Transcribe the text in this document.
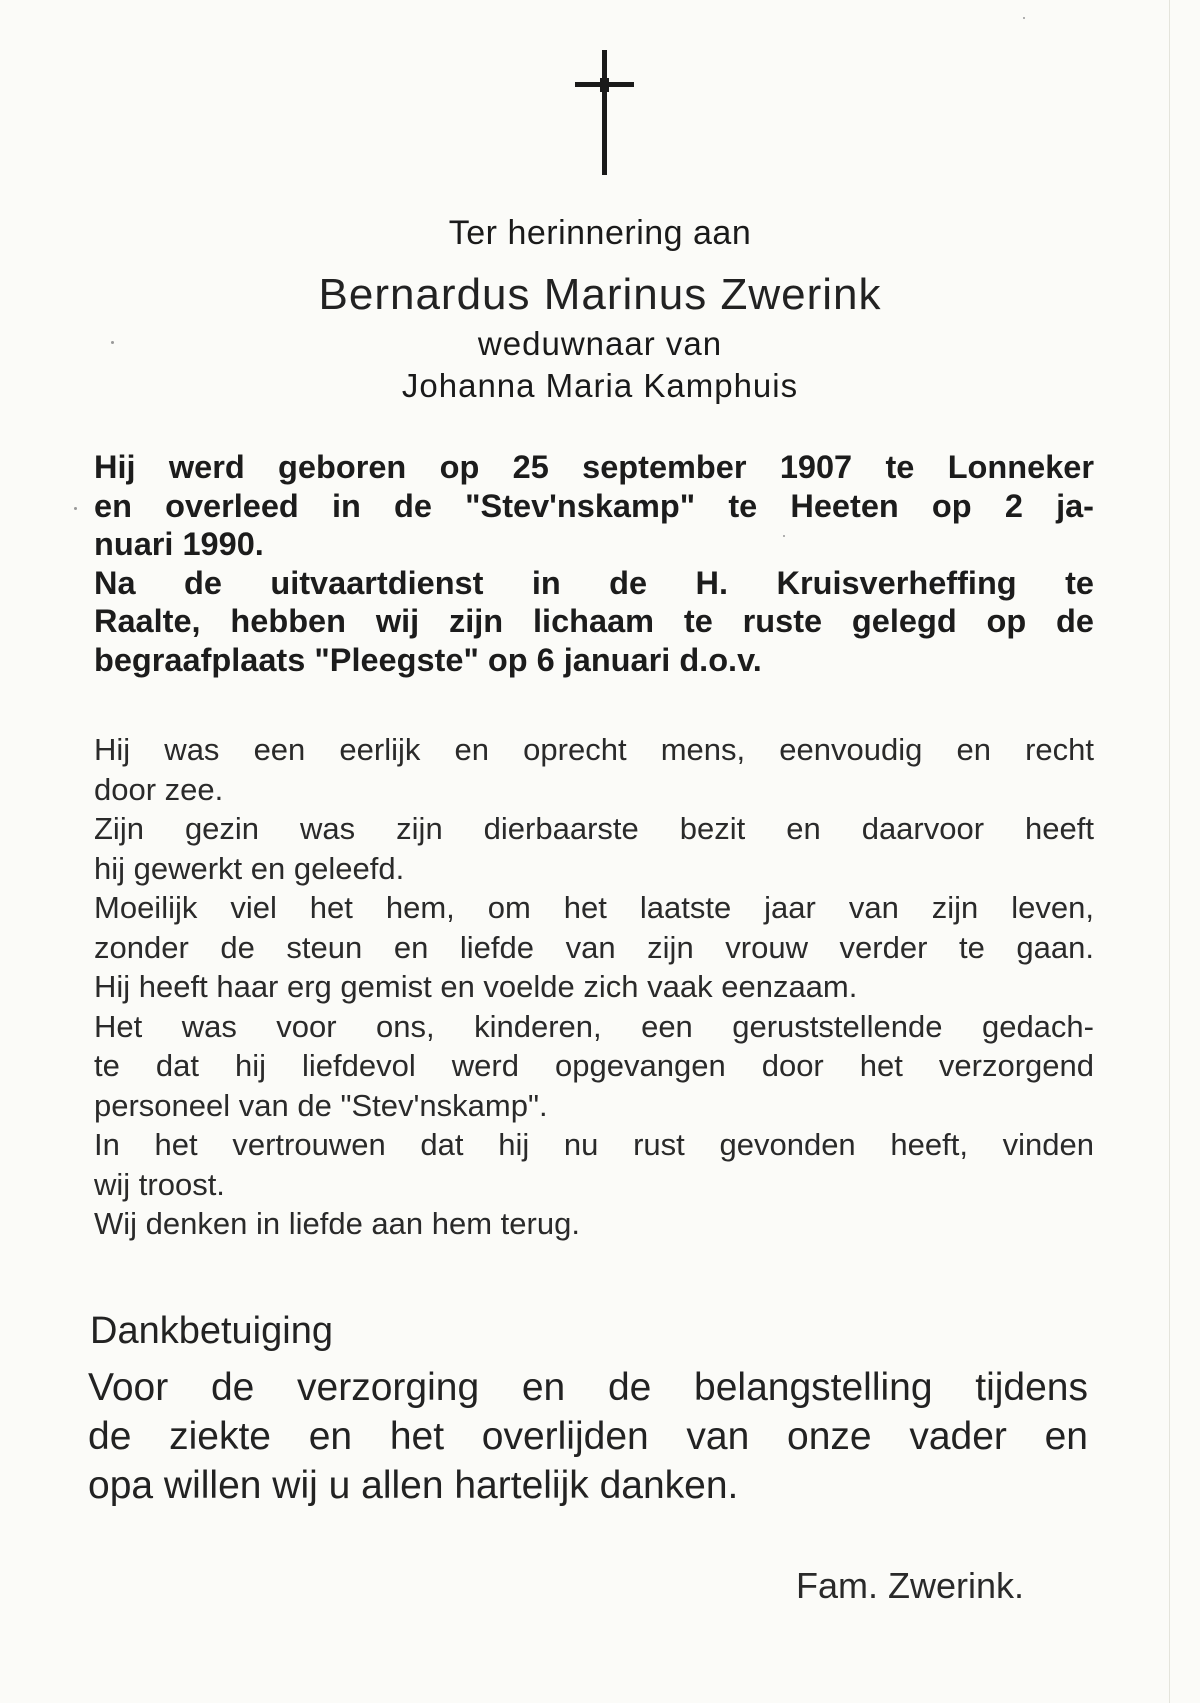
Ter herinnering aan
Bernardus Marinus Zwerink
weduwnaar van
Johanna Maria Kamphuis
Hij werd geboren op 25 september 1907 te Lonneker
en overleed in de "Stev'nskamp" te Heeten op 2 ja-
nuari 1990.
Na de uitvaartdienst in de H. Kruisverheffing te
Raalte, hebben wij zijn lichaam te ruste gelegd op de
begraafplaats "Pleegste" op 6 januari d.o.v.
Hij was een eerlijk en oprecht mens, eenvoudig en recht
door zee.
Zijn gezin was zijn dierbaarste bezit en daarvoor heeft
hij gewerkt en geleefd.
Moeilijk viel het hem, om het laatste jaar van zijn leven,
zonder de steun en liefde van zijn vrouw verder te gaan.
Hij heeft haar erg gemist en voelde zich vaak eenzaam.
Het was voor ons, kinderen, een geruststellende gedach-
te dat hij liefdevol werd opgevangen door het verzorgend
personeel van de "Stev'nskamp".
In het vertrouwen dat hij nu rust gevonden heeft, vinden
wij troost.
Wij denken in liefde aan hem terug.
Dankbetuiging
Voor de verzorging en de belangstelling tijdens
de ziekte en het overlijden van onze vader en
opa willen wij u allen hartelijk danken.
Fam. Zwerink.
